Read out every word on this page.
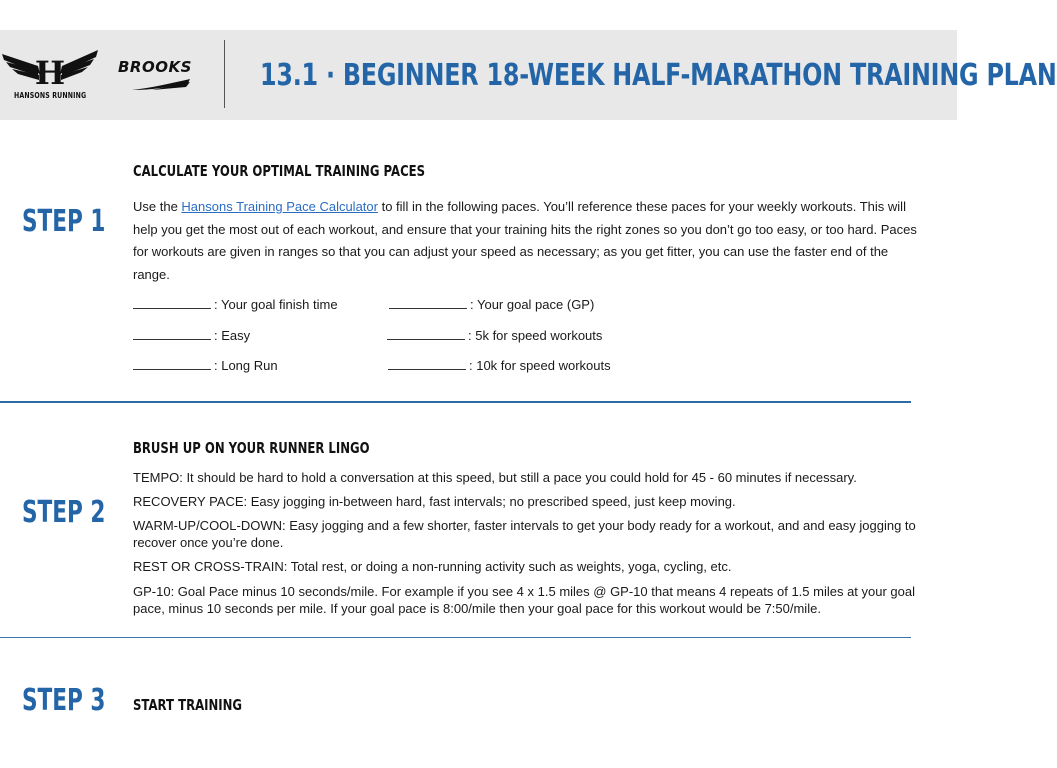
H
HANSONS RUNNING
BROOKS 13.1 · BEGINNER 18-WEEK HALF-MARATHON TRAINING PLAN
STEP 1
CALCULATE YOUR OPTIMAL TRAINING PACES
Use the Hansons Training Pace Calculator to fill in the following paces. You’ll reference these paces for your weekly workouts. This will help you get the most out of each workout, and ensure that your training hits the right zones so you don’t go too easy, or too hard. Paces for workouts are given in ranges so that you can adjust your speed as necessary; as you get fitter, you can use the faster end of the range.
: Your goal finish time
: Easy
: Long Run
: Your goal pace (GP)
: 5k for speed workouts
: 10k for speed workouts
STEP 2
BRUSH UP ON YOUR RUNNER LINGO
TEMPO: It should be hard to hold a conversation at this speed, but still a pace you could hold for 45 - 60 minutes if necessary.
RECOVERY PACE: Easy jogging in-between hard, fast intervals; no prescribed speed, just keep moving.
WARM-UP/COOL-DOWN: Easy jogging and a few shorter, faster intervals to get your body ready for a workout, and and easy jogging to recover once you’re done.
REST OR CROSS-TRAIN: Total rest, or doing a non-running activity such as weights, yoga, cycling, etc.
GP-10: Goal Pace minus 10 seconds/mile. For example if you see 4 x 1.5 miles @ GP-10 that means 4 repeats of 1.5 miles at your goal pace, minus 10 seconds per mile. If your goal pace is 8:00/mile then your goal pace for this workout would be 7:50/mile.
STEP 3 START TRAINING
